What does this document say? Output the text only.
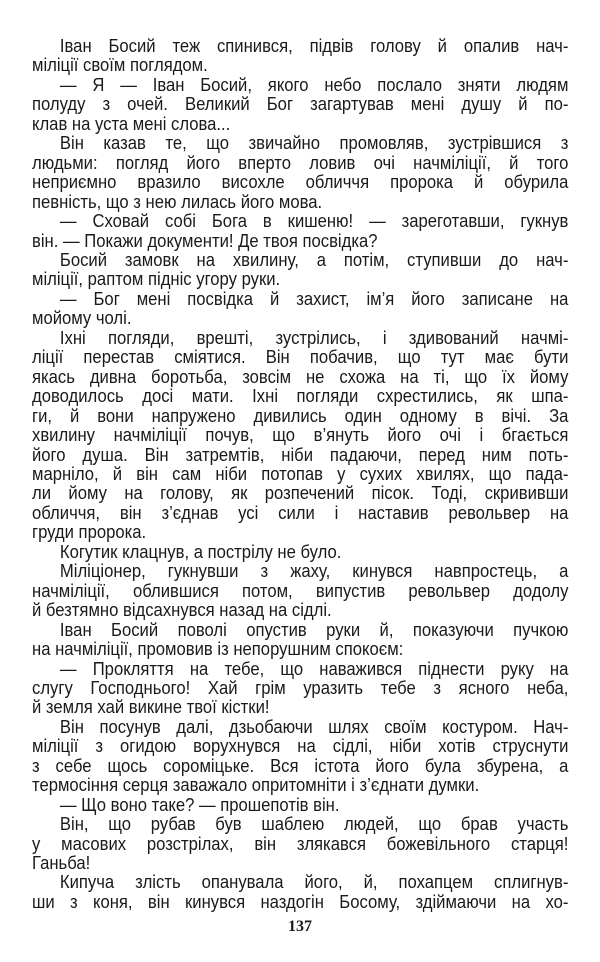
Іван Босий теж спинився, підвів голову й опалив нач-
міліції своїм поглядом.
— Я — Іван Босий, якого небо послало зняти людям
полуду з очей. Великий Бог загартував мені душу й по-
клав на уста мені слова...
Він казав те, що звичайно промовляв, зустрівшися з
людьми: погляд його вперто ловив очі начміліції, й того
неприємно вразило висохле обличчя пророка й обурила
певність, що з нею лилась його мова.
— Сховай собі Бога в кишеню! — зареготавши, гукнув
він. — Покажи документи! Де твоя посвідка?
Босий замовк на хвилину, а потім, ступивши до нач-
міліції, раптом підніс угору руки.
— Бог мені посвідка й захист, ім’я його записане на
мойому чолі.
Іхні погляди, врешті, зустрілись, і здивований начмі-
ліції перестав сміятися. Він побачив, що тут має бути
якась дивна боротьба, зовсім не схожа на ті, що їх йому
доводилось досі мати. Іхні погляди схрестились, як шпа-
ги, й вони напружено дивились один одному в вічі. За
хвилину начміліції почув, що в’януть його очі і бгається
його душа. Він затремтів, ніби падаючи, перед ним поть-
марніло, й він сам ніби потопав у сухих хвилях, що пада-
ли йому на голову, як розпечений пісок. Тоді, скрививши
обличчя, він з’єднав усі сили і наставив револьвер на
груди пророка.
Когутик клацнув, а пострілу не було.
Міліціонер, гукнувши з жаху, кинувся навпростець, а
начміліції, облившися потом, випустив револьвер додолу
й безтямно відсахнувся назад на сідлі.
Іван Босий поволі опустив руки й, показуючи пучкою
на начміліції, промовив із непорушним спокоєм:
— Прокляття на тебе, що наважився піднести руку на
слугу Господнього! Хай грім уразить тебе з ясного неба,
й земля хай викине твої кістки!
Він посунув далі, дзьобаючи шлях своїм костуром. Нач-
міліції з огидою ворухнувся на сідлі, ніби хотів струснути
з себе щось сороміцьке. Вся істота його була збурена, а
термосіння серця заважало опритомніти і з’єднати думки.
— Що воно таке? — прошепотів він.
Він, що рубав був шаблею людей, що брав участь
у масових розстрілах, він злякався божевільного старця!
Ганьба!
Кипуча злість опанувала його, й, похапцем сплигнув-
ши з коня, він кинувся наздогін Босому, здіймаючи на хо-
137
